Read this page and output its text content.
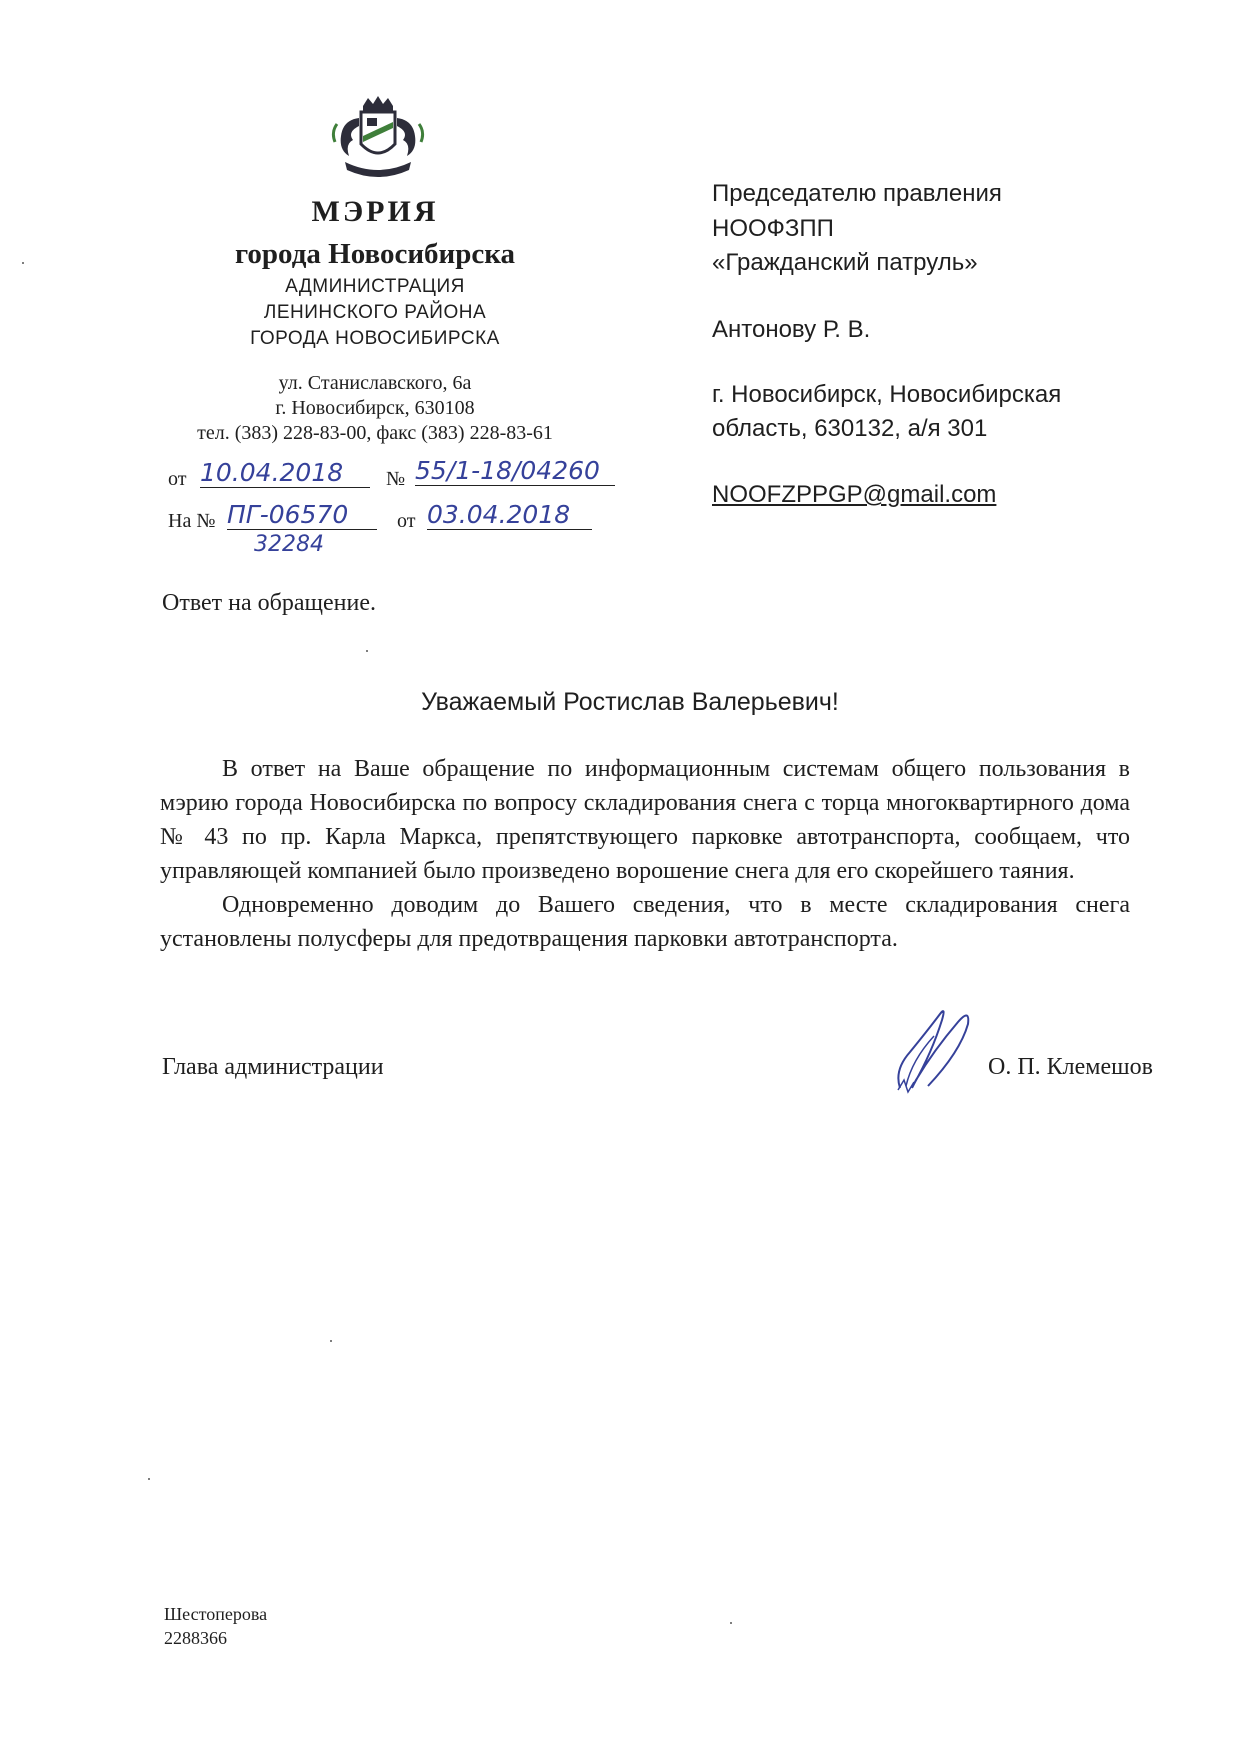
МЭРИЯ
города Новосибирска
АДМИНИСТРАЦИЯ
ЛЕНИНСКОГО РАЙОНА
ГОРОДА НОВОСИБИРСКА
ул. Станиславского, 6а
г. Новосибирск, 630108
тел. (383) 228-83-00, факс (383) 228-83-61
от 10.04.2018	№ 55/1-18/04260
На № ПГ-06570	от 03.04.2018
32284
Председателю правления
НООФЗПП
«Гражданский патруль»
Антонову Р. В.
г. Новосибирск, Новосибирская
область, 630132, а/я 301
NOOFZPPGP@gmail.com
Ответ на обращение.
Уважаемый Ростислав Валерьевич!

В ответ на Ваше обращение по информационным системам общего пользования в мэрию города Новосибирска по вопросу складирования снега с торца многоквартирного дома № 43 по пр. Карла Маркса, препятствующего парковке автотранспорта, сообщаем, что управляющей компанией было произведено ворошение снега для его скорейшего таяния.

Одновременно доводим до Вашего сведения, что в месте складирования снега установлены полусферы для предотвращения парковки автотранспорта.

Глава администрации	О. П. Клемешов
Шестоперова
2288366
